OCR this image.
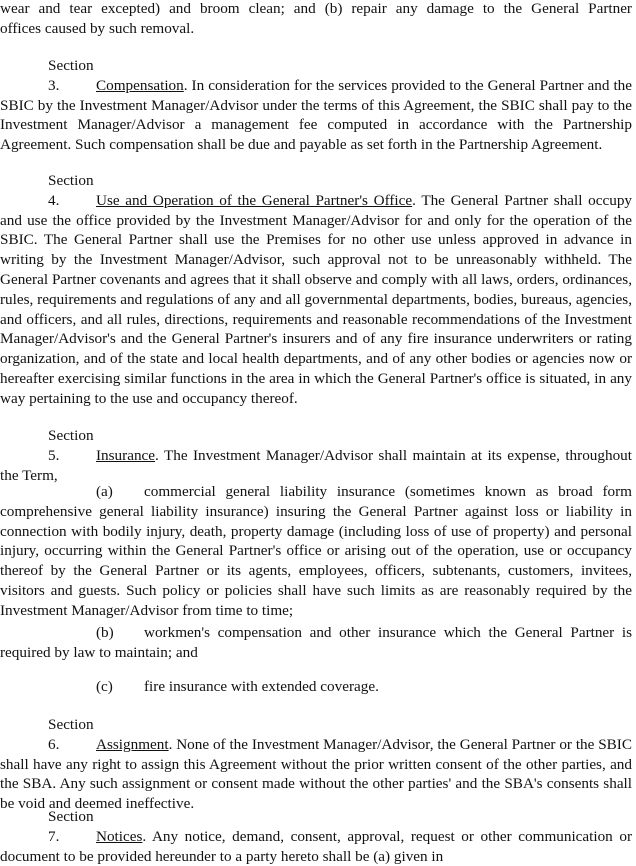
wear and tear excepted) and broom clean; and (b) repair any damage to the General Partner

offices caused by such removal.

Section 3. Compensation. In consideration for the services provided to the General Partner and the SBIC by the Investment Manager/Advisor under the terms of this Agreement, the SBIC shall pay to the Investment Manager/Advisor a management fee computed in accordance with the Partnership Agreement. Such compensation shall be due and payable as set forth in the Partnership Agreement.

Section 4. Use and Operation of the General Partner's Office. The General Partner shall occupy and use the office provided by the Investment Manager/Advisor for and only for the operation of the SBIC. The General Partner shall use the Premises for no other use unless approved in advance in writing by the Investment Manager/Advisor, such approval not to be unreasonably withheld. The General Partner covenants and agrees that it shall observe and comply with all laws, orders, ordinances, rules, requirements and regulations of any and all governmental departments, bodies, bureaus, agencies, and officers, and all rules, directions, requirements and reasonable recommendations of the Investment Manager/Advisor's and the General Partner's insurers and of any fire insurance underwriters or rating organization, and of the state and local health departments, and of any other bodies or agencies now or hereafter exercising similar functions in the area in which the General Partner's office is situated, in any way pertaining to the use and occupancy thereof.

Section 5. Insurance. The Investment Manager/Advisor shall maintain at its expense, throughout the Term,

(a) commercial general liability insurance (sometimes known as broad form comprehensive general liability insurance) insuring the General Partner against loss or liability in connection with bodily injury, death, property damage (including loss of use of property) and personal injury, occurring within the General Partner's office or arising out of the operation, use or occupancy thereof by the General Partner or its agents, employees, officers, subtenants, customers, invitees, visitors and guests. Such policy or policies shall have such limits as are reasonably required by the Investment Manager/Advisor from time to time;

(b) workmen's compensation and other insurance which the General Partner is required by law to maintain; and

(c) fire insurance with extended coverage.

Section 6. Assignment. None of the Investment Manager/Advisor, the General Partner or the SBIC shall have any right to assign this Agreement without the prior written consent of the other parties, and the SBA. Any such assignment or consent made without the other parties' and the SBA's consents shall be void and deemed ineffective.

Section 7. Notices. Any notice, demand, consent, approval, request or other communication or document to be provided hereunder to a party hereto shall be (a) given in
